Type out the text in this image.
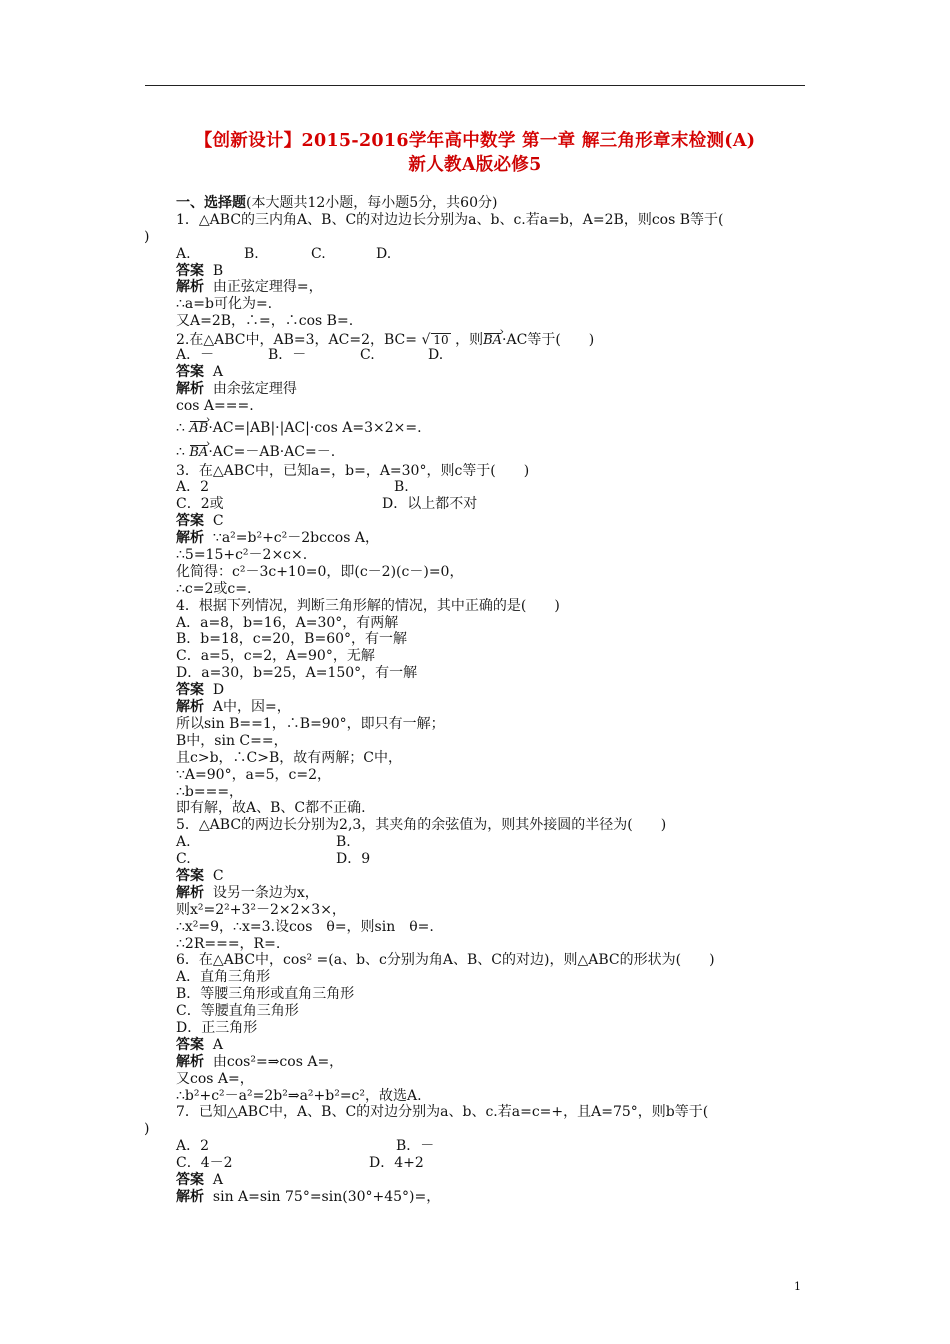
【创新设计】2015-2016学年高中数学 第一章 解三角形章末检测(A)
新人教A版必修5
一、选择题(本大题共12小题，每小题5分，共60分)
1．△ABC的三内角A、B、C的对边边长分别为a、b、c.若a=b，A=2B，则cos B等于(
)

A.	B.	C.	D.

答案 B
解析 由正弦定理得=，
∴a=b可化为=.
又A=2B，∴=，∴cos B=.
2.在△ABC中，AB=3，AC=2，BC= √ 10 ，则BA ›·AC等于(　　)

A．－	B．－	C.	D.

答案 A
解析 由余弦定理得
cos A===.
∴ AB ›·AC=|AB|·|AC|·cos A=3×2×=.
∴ BA ›·AC=－AB·AC=－.
3．在△ABC中，已知a=，b=，A=30°，则c等于(　　)
A．2	B.
C．2或	D．以上都不对
答案 C
解析 ∵a²=b²+c²－2bccos A，
∴5=15+c²－2×c×.
化简得：c²－3c+10=0，即(c－2)(c－)=0，
∴c=2或c=.
4．根据下列情况，判断三角形解的情况，其中正确的是(　　)
A．a=8，b=16，A=30°，有两解
B．b=18，c=20，B=60°，有一解
C．a=5，c=2，A=90°，无解
D．a=30，b=25，A=150°，有一解
答案 D
解析 A中，因=，
所以sin B==1，∴B=90°，即只有一解；
B中，sin C==，
且c>b，∴C>B，故有两解；C中，
∵A=90°，a=5，c=2，
∴b===，
即有解，故A、B、C都不正确.
5．△ABC的两边长分别为2,3，其夹角的余弦值为，则其外接圆的半径为(　　)
A.	B.
C.	D．9
答案 C
解析 设另一条边为x，
则x²=2²+3²－2×2×3×，
∴x²=9，∴x=3.设cos　θ=，则sin　θ=.
∴2R===，R=.
6．在△ABC中，cos² =(a、b、c分别为角A、B、C的对边)，则△ABC的形状为(　　)
A．直角三角形
B．等腰三角形或直角三角形
C．等腰直角三角形
D．正三角形
答案 A
解析 由cos²=⇒cos A=，
又cos A=，
∴b²+c²－a²=2b²⇒a²+b²=c²，故选A.
7．已知△ABC中，A、B、C的对边分别为a、b、c.若a=c=+，且A=75°，则b等于(
)
A．2	B．－
C．4－2	D．4+2
答案 A
解析 sin A=sin 75°=sin(30°+45°)=，
1
